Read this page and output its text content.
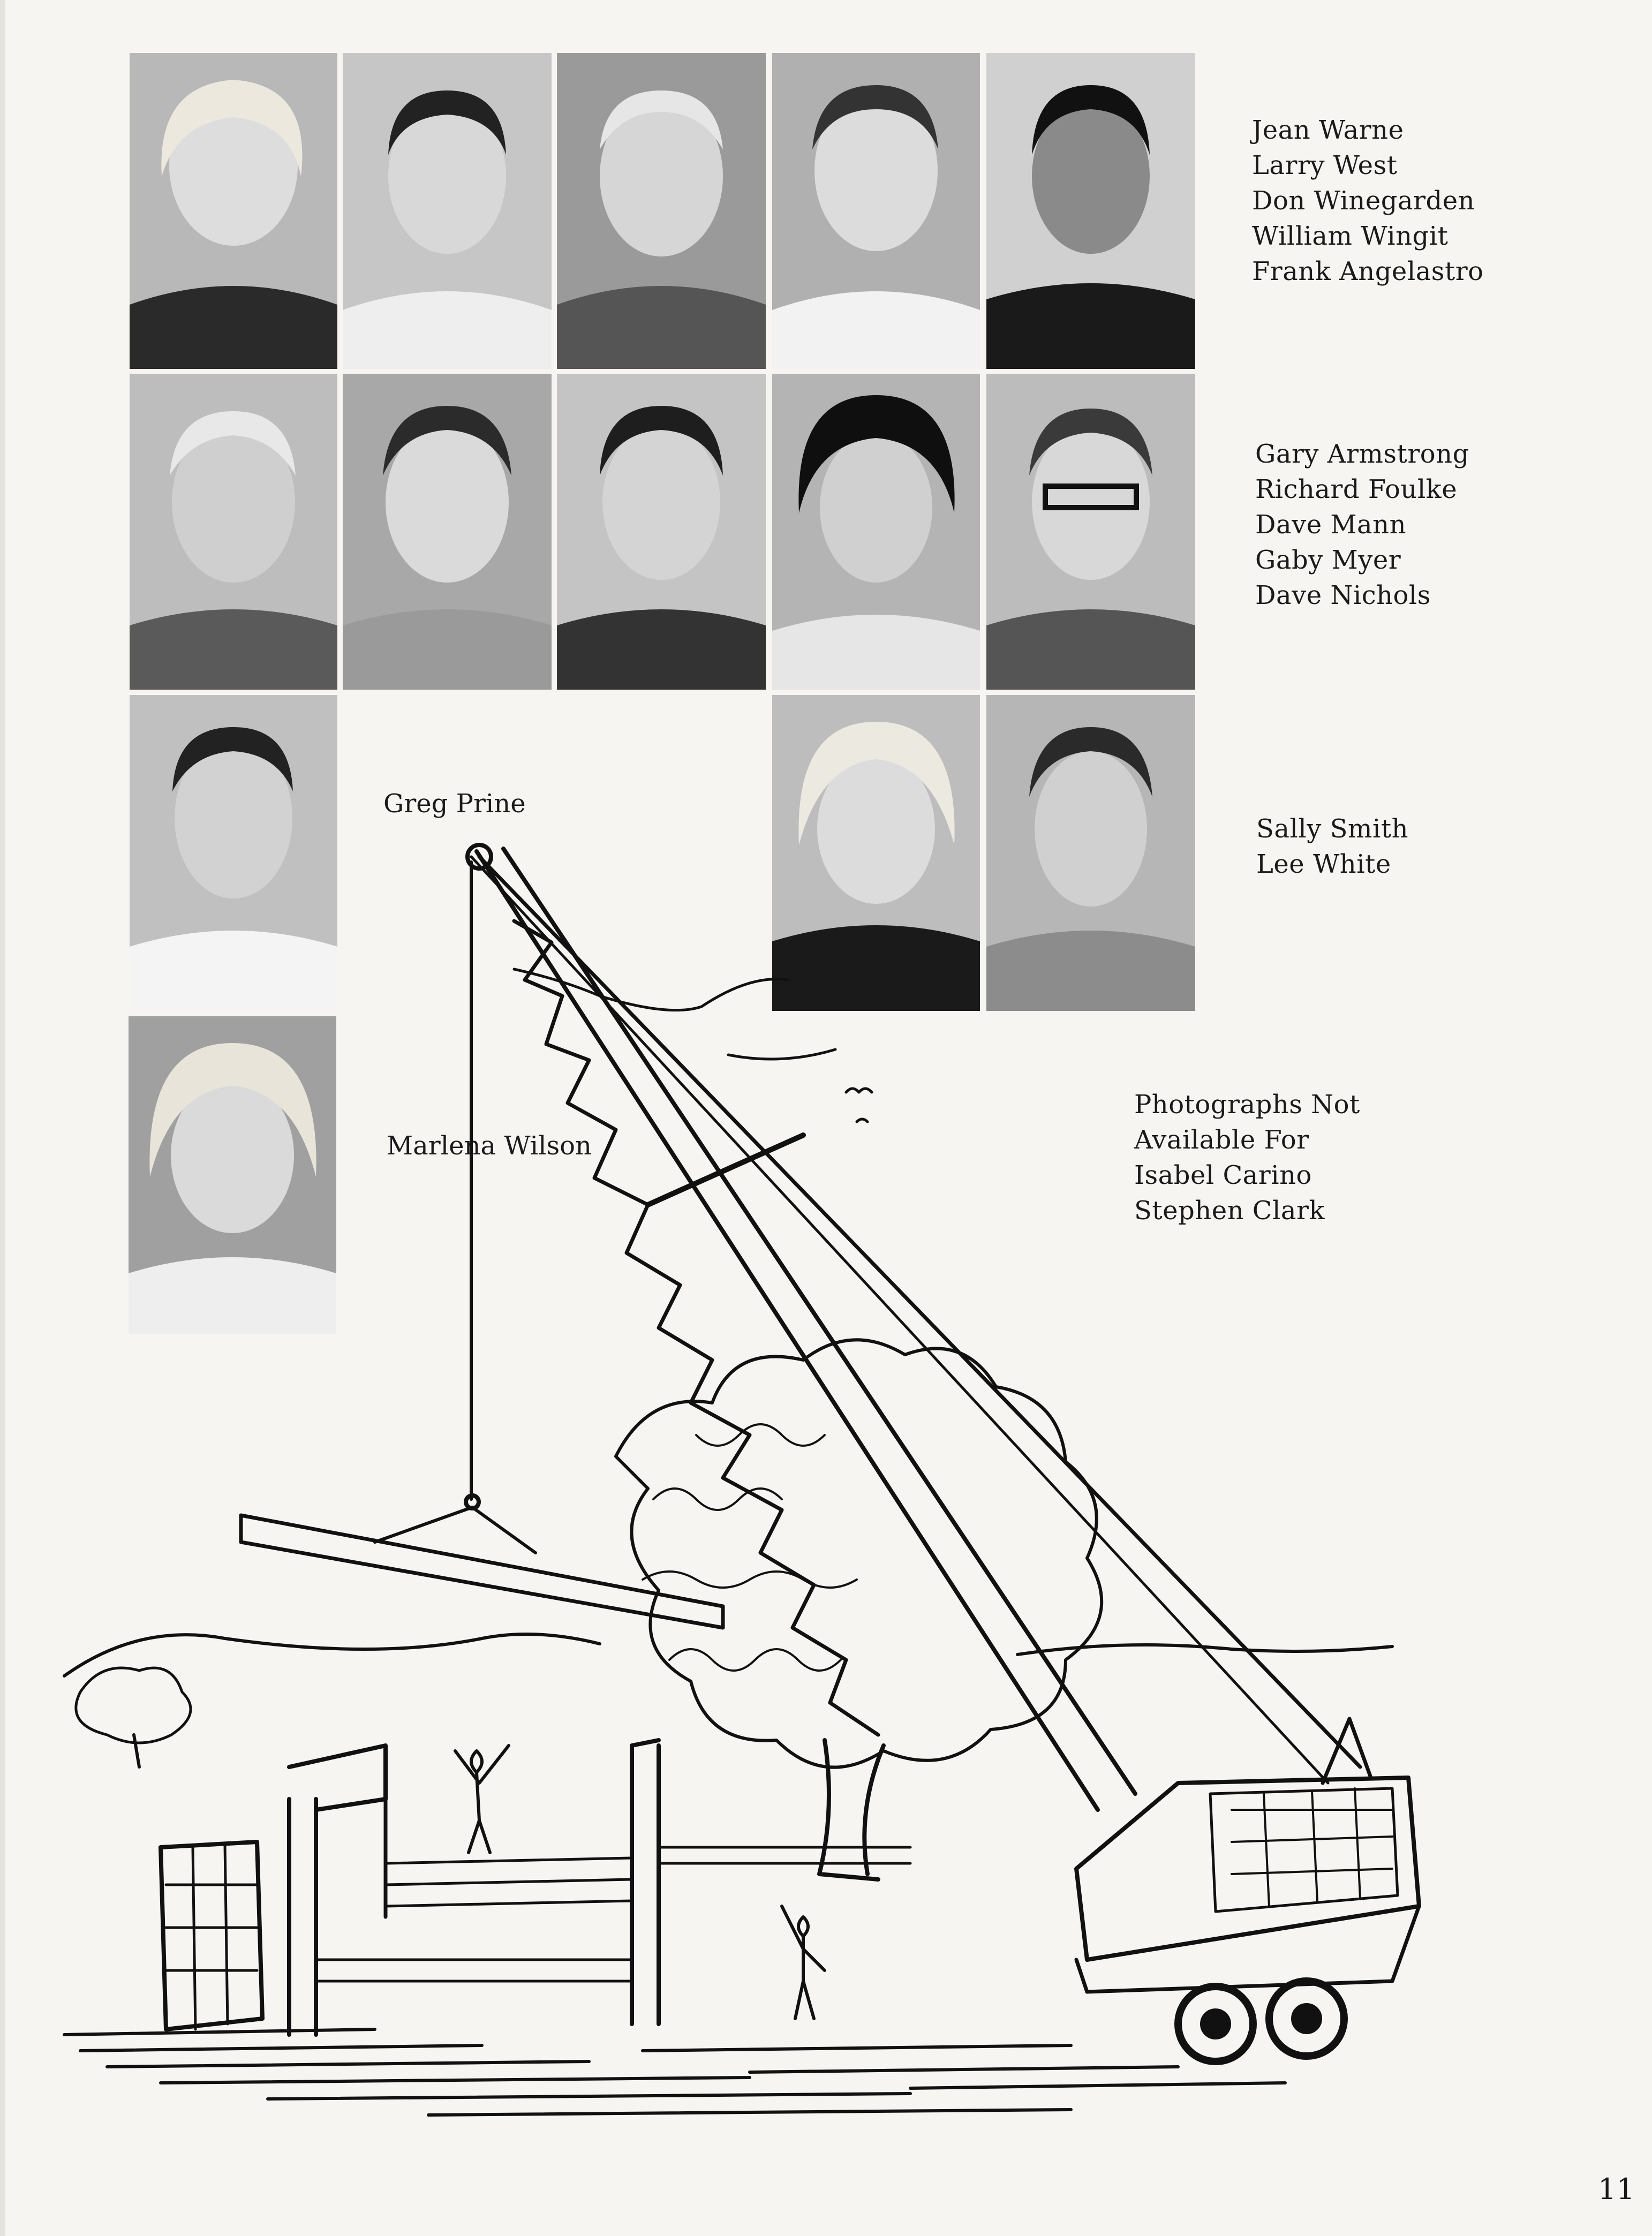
Jean Warne
Larry West
Don Winegarden
William Wingit
Frank Angelastro
Gary Armstrong
Richard Foulke
Dave Mann
Gaby Myer
Dave Nichols
Sally Smith
Lee White
Greg Prine
Marlena Wilson
Photographs Not
Available For
Isabel Carino
Stephen Clark
11
